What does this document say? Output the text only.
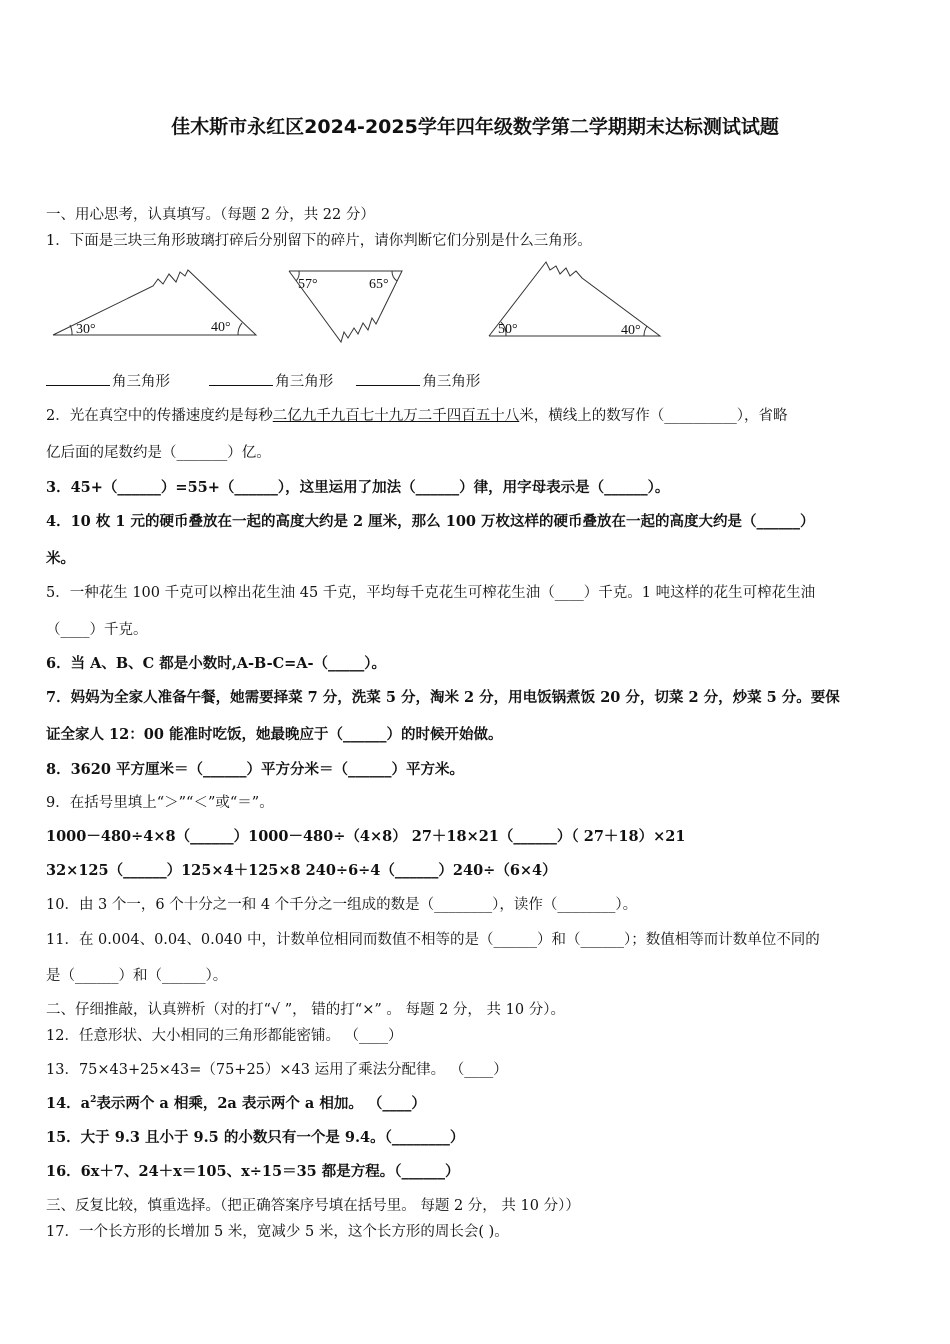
佳木斯市永红区2024-2025学年四年级数学第二学期期末达标测试试题
一、用心思考，认真填写。（每题 2 分，共 22 分）
1．下面是三块三角形玻璃打碎后分别留下的碎片，请你判断它们分别是什么三角形。
30°	40°
57°	65°
50°	40°
角三角形	角三角形	角三角形
2．光在真空中的传播速度约是每秒二亿九千九百七十九万二千四百五十八米，横线上的数写作（__________），省略
亿后面的尾数约是（_______）亿。
3．45+（______）=55+（______），这里运用了加法（______）律，用字母表示是（______）。
4．10 枚 1 元的硬币叠放在一起的高度大约是 2 厘米，那么 100 万枚这样的硬币叠放在一起的高度大约是（______）
米。
5．一种花生 100 千克可以榨出花生油 45 千克，平均每千克花生可榨花生油（____）千克。1 吨这样的花生可榨花生油
（____）千克。
6．当 A、B、C 都是小数时,A-B-C=A-（_____）。
7．妈妈为全家人准备午餐，她需要择菜 7 分，洗菜 5 分，淘米 2 分，用电饭锅煮饭 20 分，切菜 2 分，炒菜 5 分。要保
证全家人 12：00 能准时吃饭，她最晚应于（______）的时候开始做。
8．3620 平方厘米＝（______）平方分米＝（______）平方米。
9．在括号里填上“＞”“＜”或“＝”。
1000－480÷4×8（______）1000－480÷（4×8） 27＋18×21（______）（ 27＋18）×21
32×125（______）125×4＋125×8 240÷6÷4（______）240÷（6×4）
10．由 3 个一，6 个十分之一和 4 个千分之一组成的数是（________），读作（________）。
11．在 0.004、0.04、0.040 中，计数单位相同而数值不相等的是（______）和（______）；数值相等而计数单位不同的
是（______）和（______）。
二、仔细推敲，认真辨析（对的打“√ ”， 错的打“×” 。 每题 2 分， 共 10 分）。
12．任意形状、大小相同的三角形都能密铺。 （____）
13．75×43+25×43=（75+25）×43 运用了乘法分配律。 （____）
14．$a^2$表示两个 a 相乘，2a 表示两个 a 相加。 （____）
15．大于 9.3 且小于 9.5 的小数只有一个是 9.4。（________）
16．6x＋7、24＋x＝105、x÷15＝35 都是方程。（______）
三、反复比较，慎重选择。（把正确答案序号填在括号里。 每题 2 分， 共 10 分））
17．一个长方形的长增加 5 米，宽减少 5 米，这个长方形的周长会( )。
